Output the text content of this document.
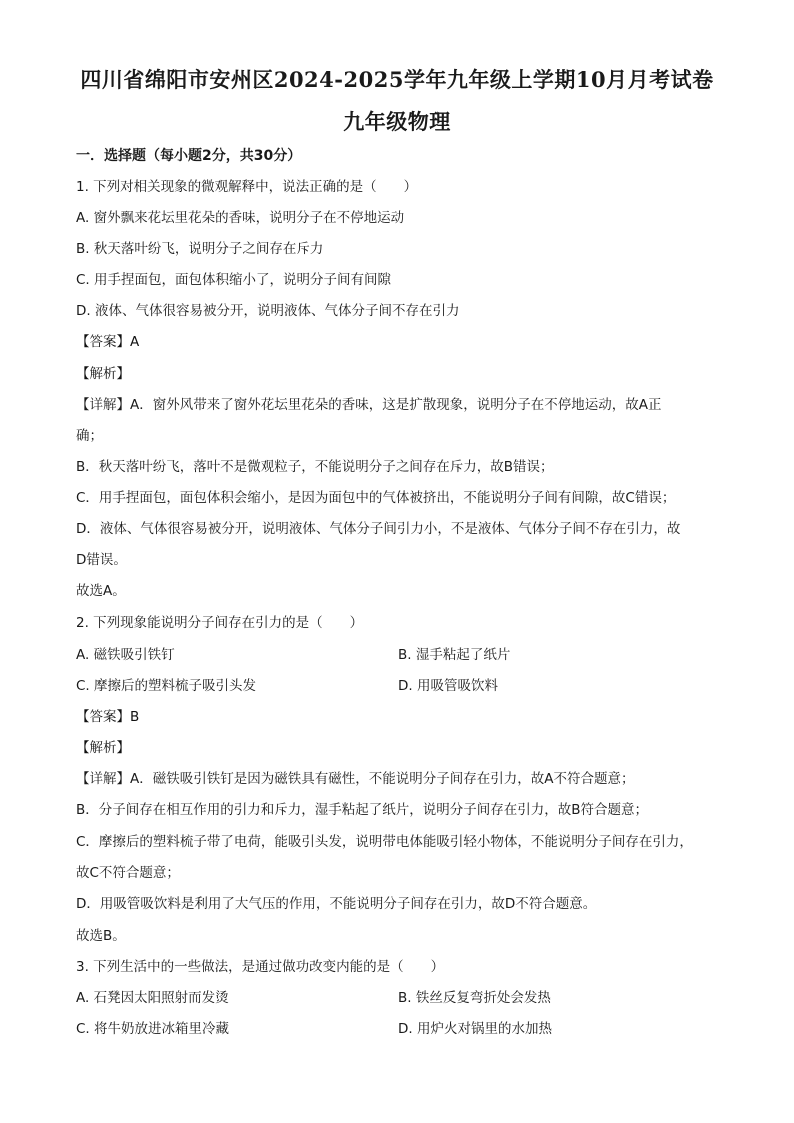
四川省绵阳市安州区2024-2025学年九年级上学期10月月考试卷
九年级物理
一．选择题（每小题2分，共30分）
1. 下列对相关现象的微观解释中，说法正确的是（　　）
A. 窗外飘来花坛里花朵的香味，说明分子在不停地运动
B. 秋天落叶纷飞，说明分子之间存在斥力
C. 用手捏面包，面包体积缩小了，说明分子间有间隙
D. 液体、气体很容易被分开，说明液体、气体分子间不存在引力
【答案】A
【解析】
【详解】A．窗外风带来了窗外花坛里花朵的香味，这是扩散现象，说明分子在不停地运动，故A正
确；
B．秋天落叶纷飞，落叶不是微观粒子，不能说明分子之间存在斥力，故B错误；
C．用手捏面包，面包体积会缩小，是因为面包中的气体被挤出，不能说明分子间有间隙，故C错误；
D．液体、气体很容易被分开，说明液体、气体分子间引力小，不是液体、气体分子间不存在引力，故
D错误。
故选A。
2. 下列现象能说明分子间存在引力的是（　　）
A. 磁铁吸引铁钉	B. 湿手粘起了纸片
C. 摩擦后的塑料梳子吸引头发	D. 用吸管吸饮料
【答案】B
【解析】
【详解】A．磁铁吸引铁钉是因为磁铁具有磁性，不能说明分子间存在引力，故A不符合题意；
B．分子间存在相互作用的引力和斥力，湿手粘起了纸片，说明分子间存在引力，故B符合题意；
C．摩擦后的塑料梳子带了电荷，能吸引头发，说明带电体能吸引轻小物体，不能说明分子间存在引力，
故C不符合题意；
D．用吸管吸饮料是利用了大气压的作用，不能说明分子间存在引力，故D不符合题意。
故选B。
3. 下列生活中的一些做法，是通过做功改变内能的是（　　）
A. 石凳因太阳照射而发烫	B. 铁丝反复弯折处会发热
C. 将牛奶放进冰箱里冷藏	D. 用炉火对锅里的水加热
